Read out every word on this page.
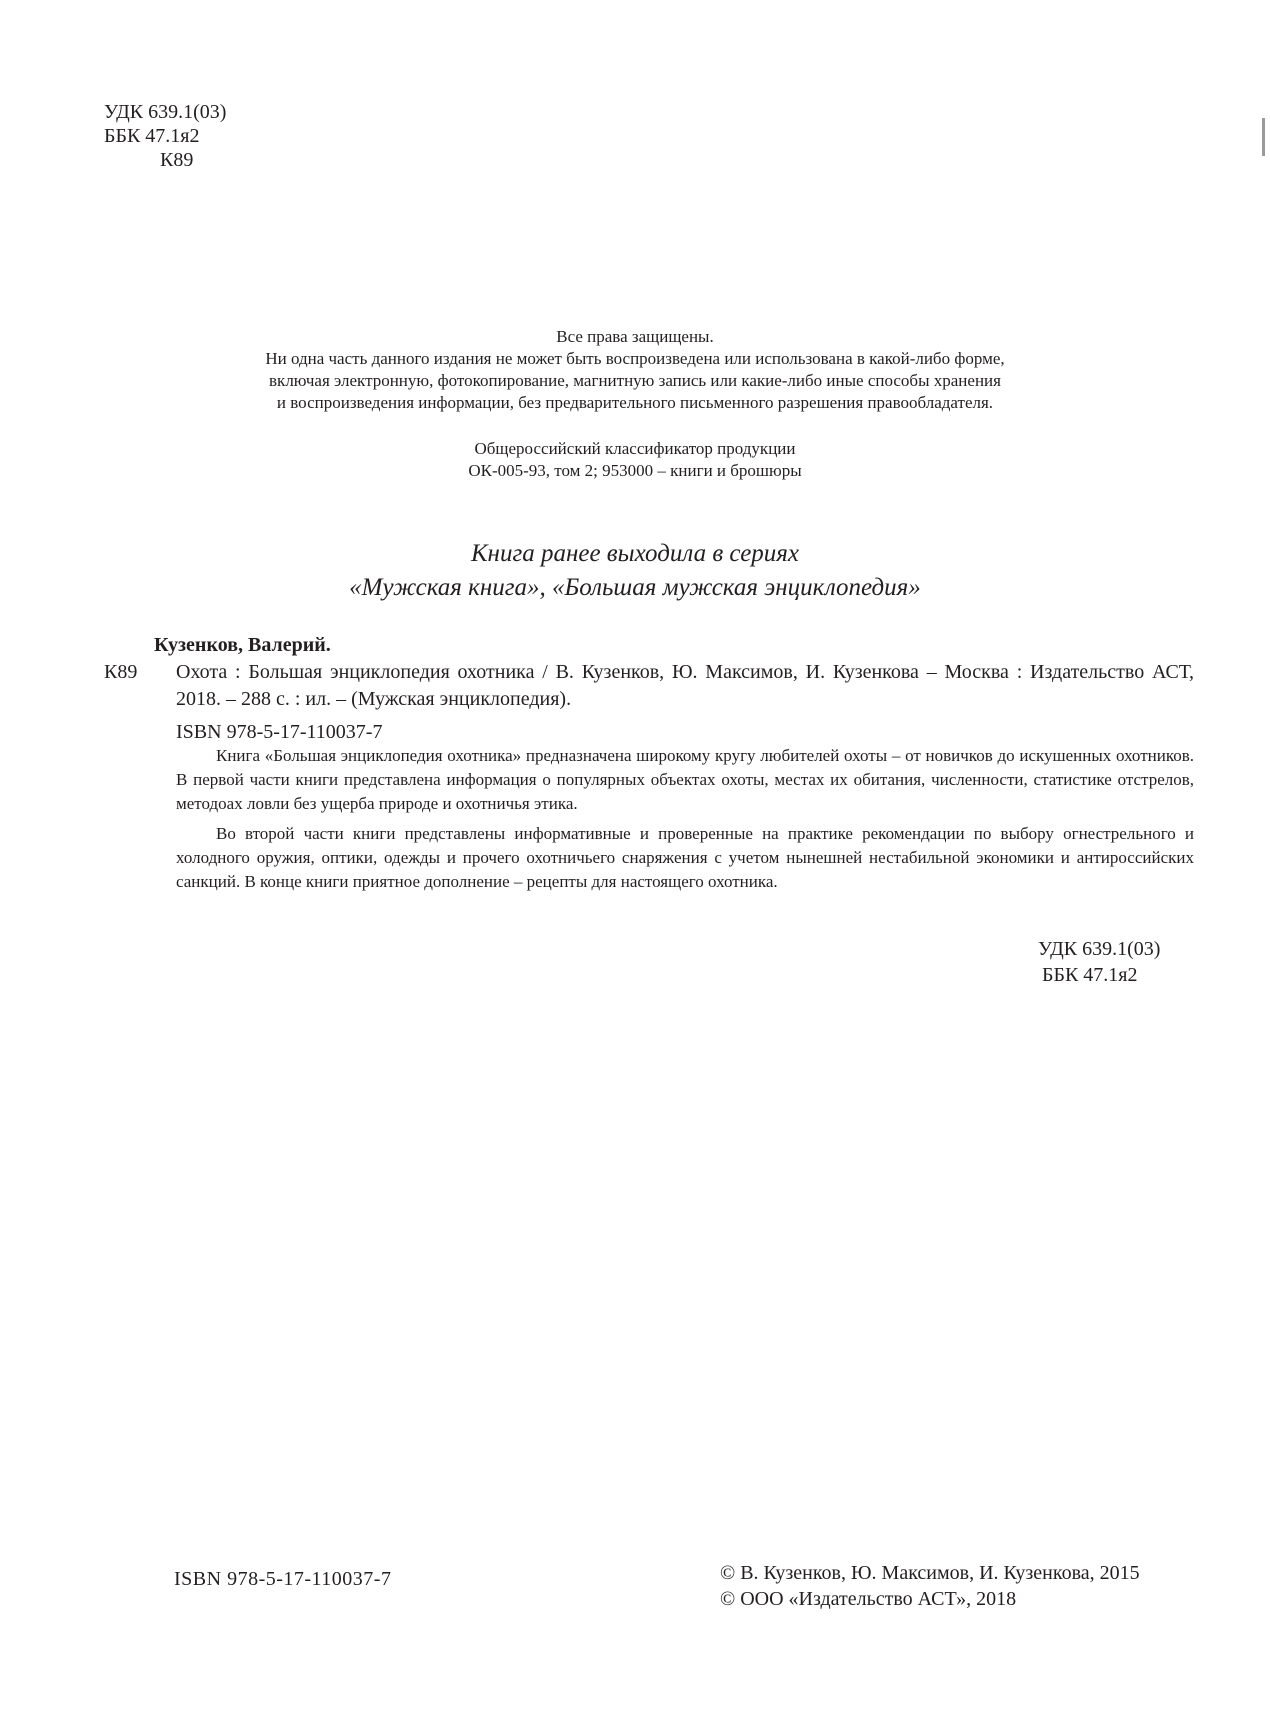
УДК 639.1(03)
ББК 47.1я2
К89
Все права защищены.
Ни одна часть данного издания не может быть воспроизведена или использована в какой-либо форме,
включая электронную, фотокопирование, магнитную запись или какие-либо иные способы хранения
и воспроизведения информации, без предварительного письменного разрешения правообладателя.
Общероссийский классификатор продукции
ОК-005-93, том 2; 953000 – книги и брошюры
Книга ранее выходила в сериях
«Мужская книга», «Большая мужская энциклопедия»
Кузенков, Валерий.
К89	Охота : Большая энциклопедия охотника / В. Кузенков, Ю. Максимов, И. Кузенкова – Москва : Издательство АСТ, 2018. – 288 с. : ил. – (Мужская энциклопедия).
ISBN 978-5-17-110037-7

Книга «Большая энциклопедия охотника» предназначена широкому кругу любителей охоты – от новичков до искушенных охотников. В первой части книги представлена информация о популярных объектах охоты, местах их обитания, численности, статистике отстрелов, методоах ловли без ущерба природе и охотничья этика.

Во второй части книги представлены информативные и проверенные на практике рекомендации по выбору огнестрельного и холодного оружия, оптики, одежды и прочего охотничьего снаряжения с учетом нынешней нестабильной экономики и антироссийских санкций. В конце книги приятное дополнение – рецепты для настоящего охотника.

УДК 639.1(03)
ББК 47.1я2
ISBN 978-5-17-110037-7	© В. Кузенков, Ю. Максимов, И. Кузенкова, 2015
© ООО «Издательство АСТ», 2018
